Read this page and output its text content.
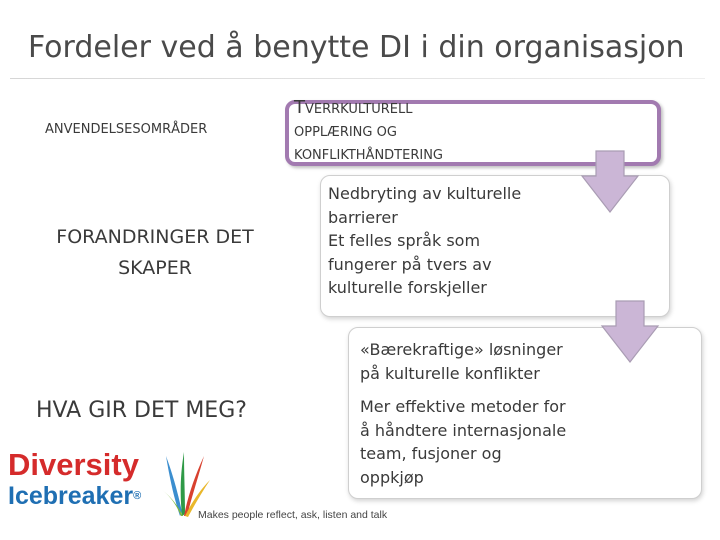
Fordeler ved å benytte DI i din organisasjon
ANVENDELSESOMRÅDER
FORANDRINGER DET SKAPER
HVA GIR DET MEG?
TVERRKULTURELL
OPPLÆRING OG
KONFLIKTHÅNDTERING
Nedbryting av kulturelle
barrierer
Et felles språk som
fungerer på tvers av
kulturelle forskjeller
«Bærekraftige» løsninger
på kulturelle konflikter
Mer effektive metoder for
å håndtere internasjonale
team, fusjoner og
oppkjøp
Diversity
Icebreaker®
Makes people reflect, ask, listen and talk
